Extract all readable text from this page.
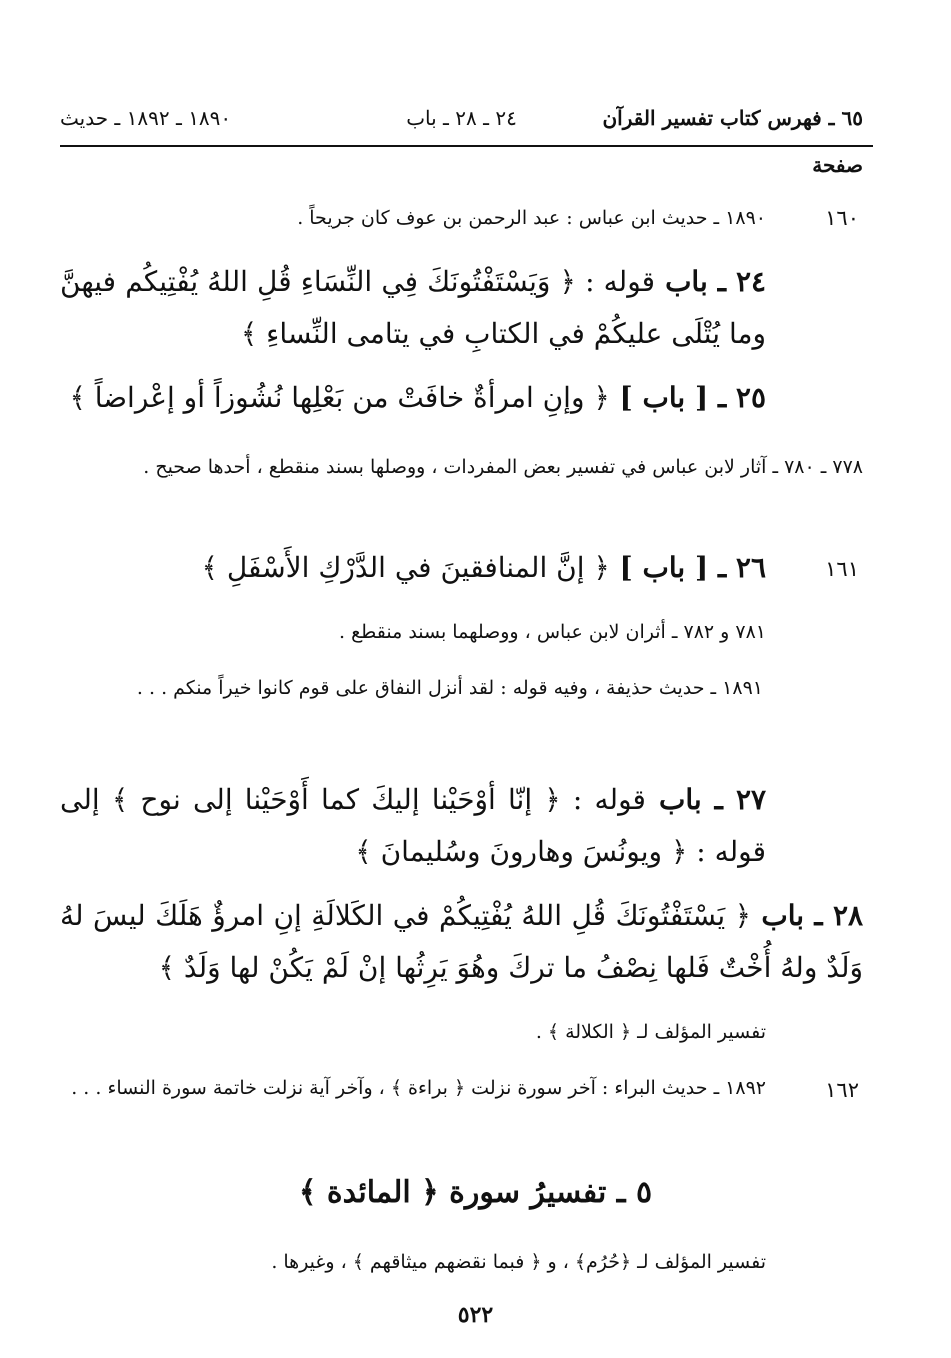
٦٥ ـ فهرس كتاب تفسير القرآن
٢٤ ـ ٢٨ ـ باب
١٨٩٠ ـ ١٨٩٢ ـ حديث
صفحة
١٦٠
١٨٩٠ ـ حديث ابن عباس : عبد الرحمن بن عوف كان جريحاً .
٢٤ ـ باب قوله : ﴿ وَيَسْتَفْتُونَكَ فِي النِّسَاءِ قُلِ اللهُ يُفْتِيكُم فيهنَّ وما يُتْلَى عليكُمْ في الكتابِ في يتامى النِّساءِ ﴾
٢٥ ـ [ باب ] ﴿ وإنِ امرأةٌ خافَتْ من بَعْلِها نُشُوزاً أو إعْراضاً ﴾
٧٧٨ ـ ٧٨٠ ـ آثار لابن عباس في تفسير بعض المفردات ، ووصلها بسند منقطع ، أحدها صحيح .
١٦١
٢٦ ـ [ باب ] ﴿ إنَّ المنافقينَ في الدَّرْكِ الأَسْفَلِ ﴾
٧٨١ و ٧٨٢ ـ أثران لابن عباس ، ووصلهما بسند منقطع .
١٨٩١ ـ حديث حذيفة ، وفيه قوله : لقد أنزل النفاق على قوم كانوا خيراً منكم . . .
٢٧ ـ باب قوله : ﴿ إنّا أوْحَيْنا إليكَ كما أَوْحَيْنا إلى نوح ﴾ إلى قوله : ﴿ ويونُسَ وهارونَ وسُليمانَ ﴾
٢٨ ـ باب ﴿ يَسْتَفْتُونَكَ قُلِ اللهُ يُفْتِيكُمْ في الكَلالَةِ إنِ امرؤٌ هَلَكَ ليسَ لهُ وَلَدٌ ولهُ أُخْتٌ فَلها نِصْفُ ما تركَ وهُوَ يَرِثُها إنْ لَمْ يَكُنْ لها وَلَدٌ ﴾
تفسير المؤلف لـ ﴿ الكلالة ﴾ .
١٦٢
١٨٩٢ ـ حديث البراء : آخر سورة نزلت ﴿ براءة ﴾ ، وآخر آية نزلت خاتمة سورة النساء . . .
٥ ـ تفسيرُ سورة ﴿ المائدة ﴾
تفسير المؤلف لـ ﴿حُرُم﴾ ، و ﴿ فبما نقضهم ميثاقهم ﴾ ، وغيرها .
٥٢٢
